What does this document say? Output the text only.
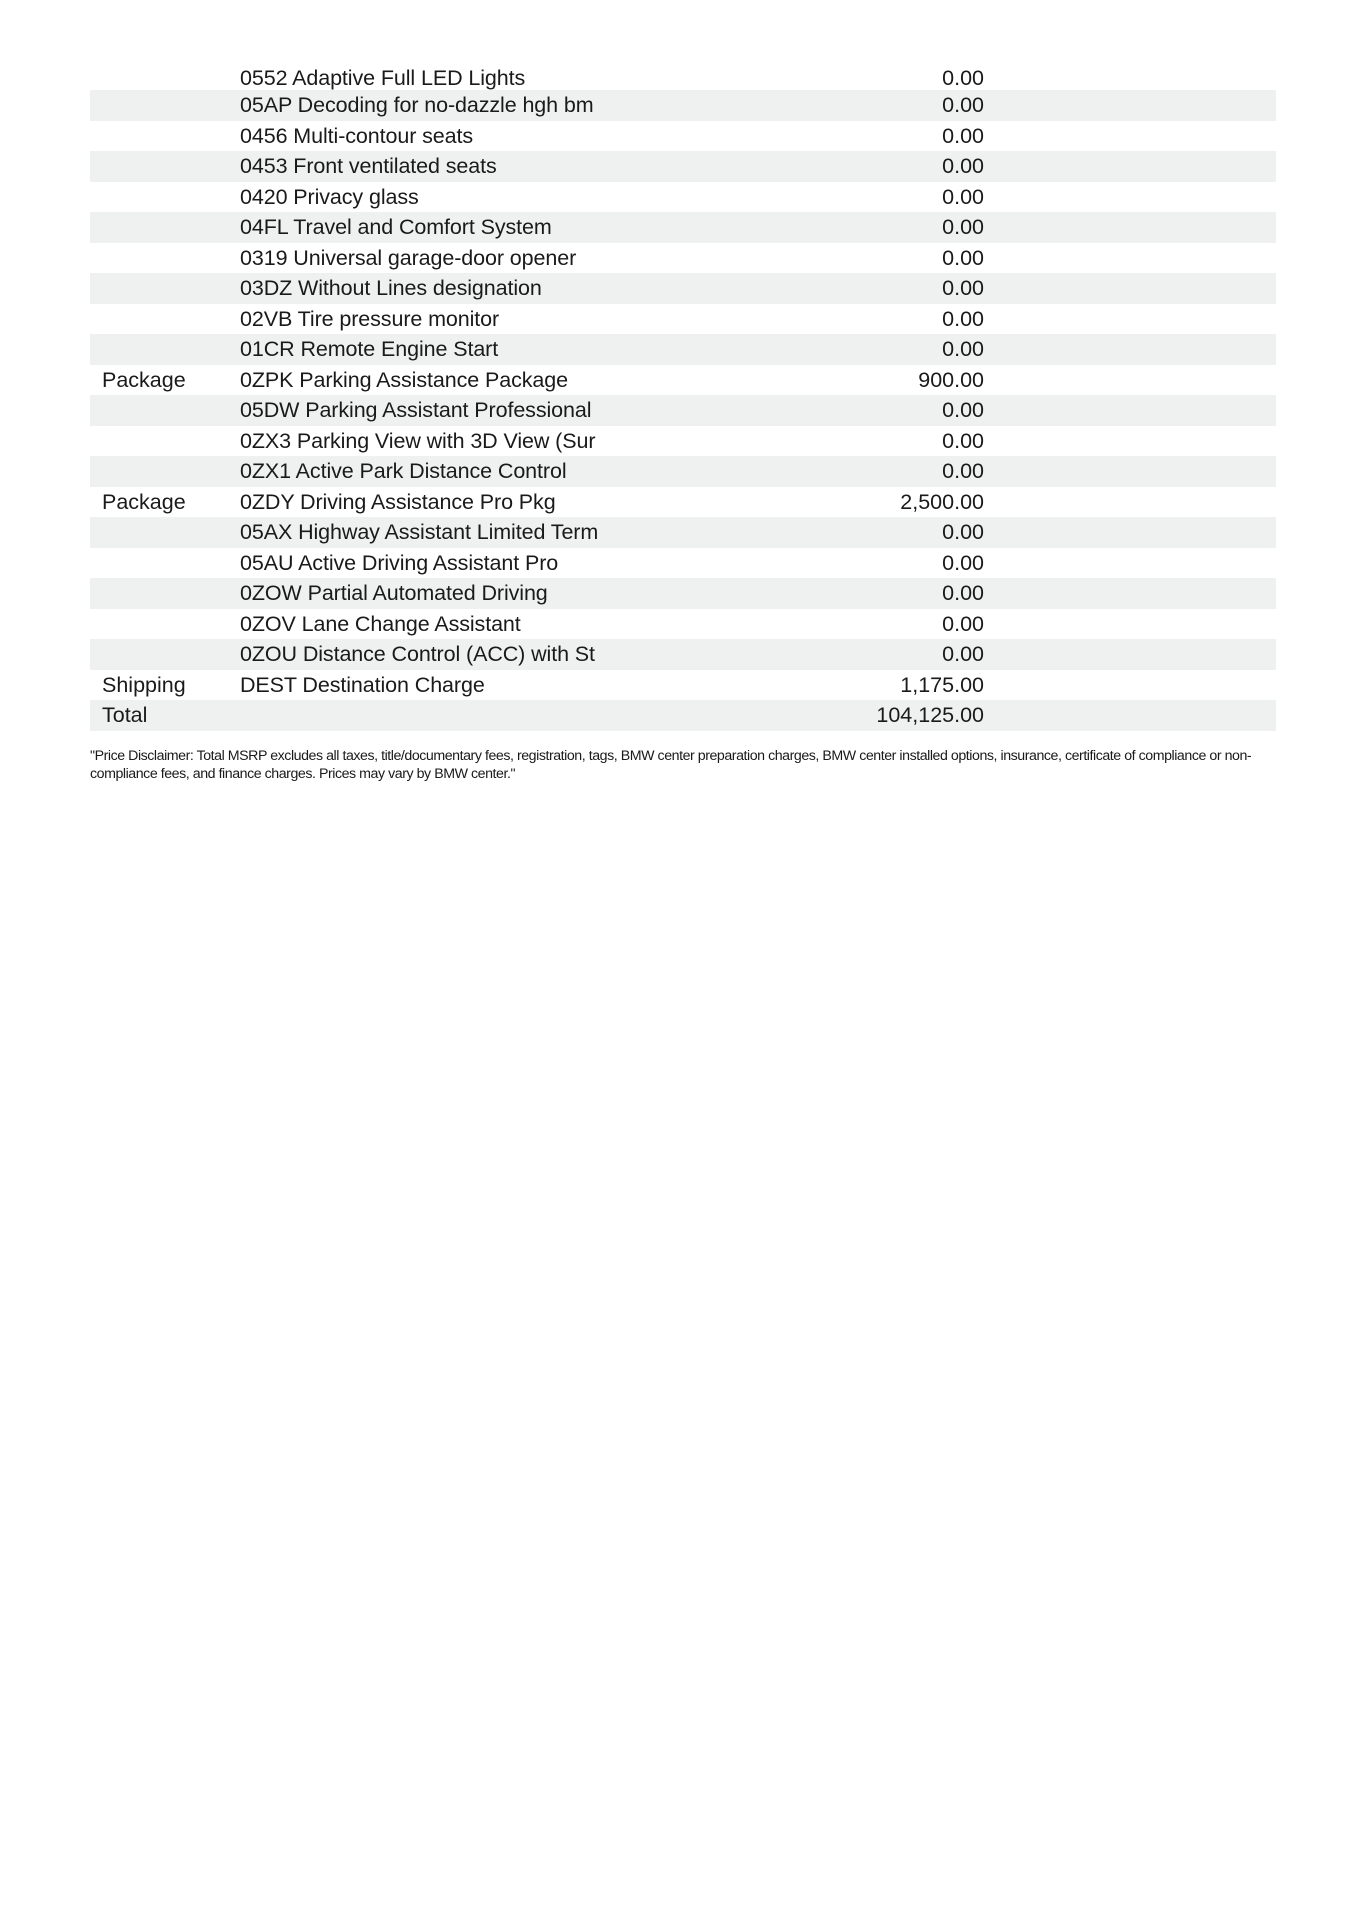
0552 Adaptive Full LED Lights	0.00
05AP Decoding for no-dazzle hgh bm	0.00
0456 Multi-contour seats	0.00
0453 Front ventilated seats	0.00
0420 Privacy glass	0.00
04FL Travel and Comfort System	0.00
0319 Universal garage-door opener	0.00
03DZ Without Lines designation	0.00
02VB Tire pressure monitor	0.00
01CR Remote Engine Start	0.00
Package	0ZPK Parking Assistance Package	900.00
05DW Parking Assistant Professional	0.00
0ZX3 Parking View with 3D View (Sur	0.00
0ZX1 Active Park Distance Control	0.00
Package	0ZDY Driving Assistance Pro Pkg	2,500.00
05AX Highway Assistant Limited Term	0.00
05AU Active Driving Assistant Pro	0.00
0ZOW Partial Automated Driving	0.00
0ZOV Lane Change Assistant	0.00
0ZOU Distance Control (ACC) with St	0.00
Shipping	DEST Destination Charge	1,175.00
Total	104,125.00
"Price Disclaimer: Total MSRP excludes all taxes, title/documentary fees, registration, tags, BMW center preparation charges, BMW center installed options, insurance, certificate of compliance or non-compliance fees, and finance charges. Prices may vary by BMW center."
